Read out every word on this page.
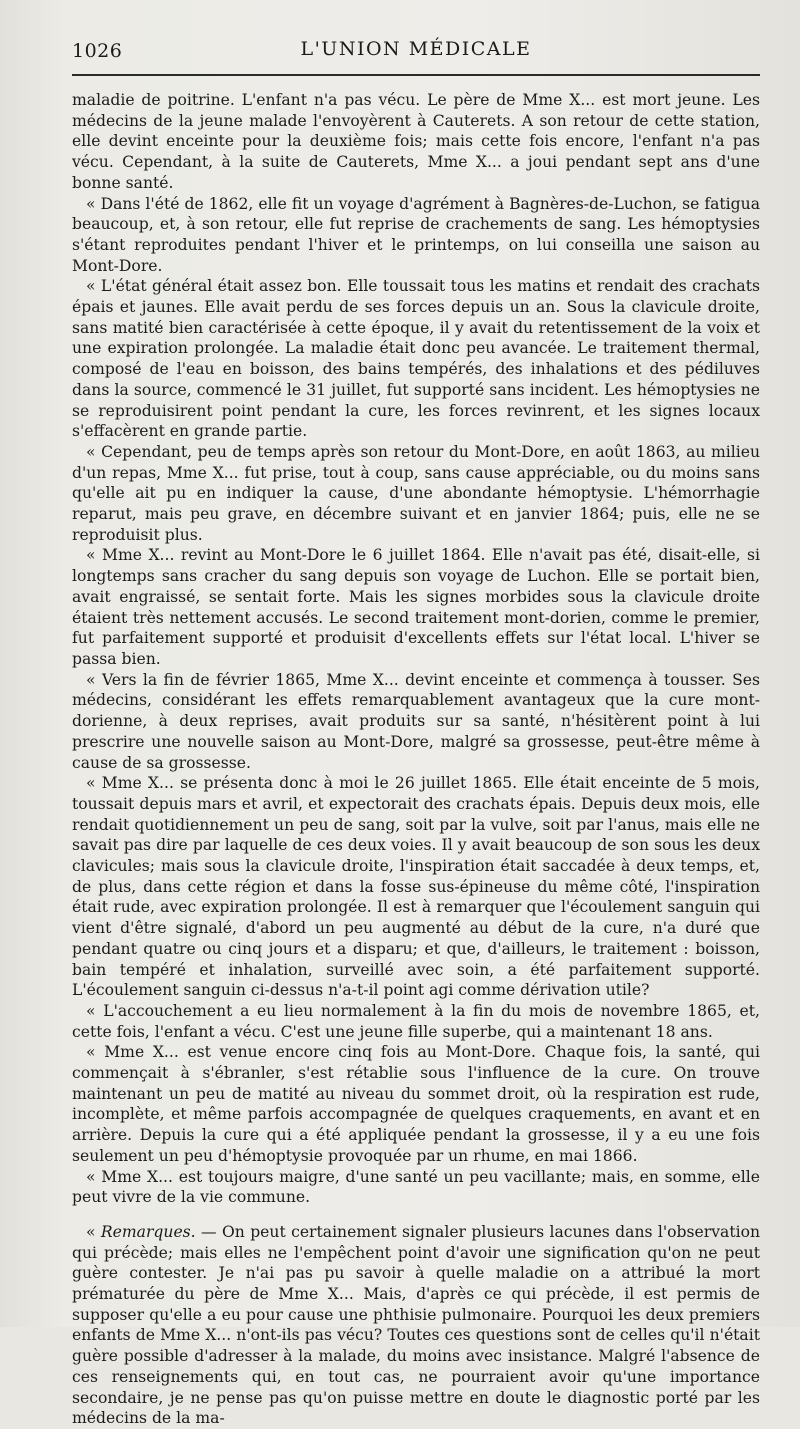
1026	L'UNION MÉDICALE

maladie de poitrine. L'enfant n'a pas vécu. Le père de Mme X... est mort jeune. Les médecins de la jeune malade l'envoyèrent à Cauterets. A son retour de cette station, elle devint enceinte pour la deuxième fois; mais cette fois encore, l'enfant n'a pas vécu. Cependant, à la suite de Cauterets, Mme X... a joui pendant sept ans d'une bonne santé.

« Dans l'été de 1862, elle fit un voyage d'agrément à Bagnères-de-Luchon, se fatigua beaucoup, et, à son retour, elle fut reprise de crachements de sang. Les hémoptysies s'étant reproduites pendant l'hiver et le printemps, on lui conseilla une saison au Mont-Dore.

« L'état général était assez bon. Elle toussait tous les matins et rendait des crachats épais et jaunes. Elle avait perdu de ses forces depuis un an. Sous la clavicule droite, sans matité bien caractérisée à cette époque, il y avait du retentissement de la voix et une expiration prolongée. La maladie était donc peu avancée. Le traitement thermal, composé de l'eau en boisson, des bains tempérés, des inhalations et des pédiluves dans la source, commencé le 31 juillet, fut supporté sans incident. Les hémoptysies ne se reproduisirent point pendant la cure, les forces revinrent, et les signes locaux s'effacèrent en grande partie.

« Cependant, peu de temps après son retour du Mont-Dore, en août 1863, au milieu d'un repas, Mme X... fut prise, tout à coup, sans cause appréciable, ou du moins sans qu'elle ait pu en indiquer la cause, d'une abondante hémoptysie. L'hémorrhagie reparut, mais peu grave, en décembre suivant et en janvier 1864; puis, elle ne se reproduisit plus.

« Mme X... revint au Mont-Dore le 6 juillet 1864. Elle n'avait pas été, disait-elle, si longtemps sans cracher du sang depuis son voyage de Luchon. Elle se portait bien, avait engraissé, se sentait forte. Mais les signes morbides sous la clavicule droite étaient très nettement accusés. Le second traitement mont-dorien, comme le premier, fut parfaitement supporté et produisit d'excellents effets sur l'état local. L'hiver se passa bien.

« Vers la fin de février 1865, Mme X... devint enceinte et commença à tousser. Ses médecins, considérant les effets remarquablement avantageux que la cure mont-dorienne, à deux reprises, avait produits sur sa santé, n'hésitèrent point à lui prescrire une nouvelle saison au Mont-Dore, malgré sa grossesse, peut-être même à cause de sa grossesse.

« Mme X... se présenta donc à moi le 26 juillet 1865. Elle était enceinte de 5 mois, toussait depuis mars et avril, et expectorait des crachats épais. Depuis deux mois, elle rendait quotidiennement un peu de sang, soit par la vulve, soit par l'anus, mais elle ne savait pas dire par laquelle de ces deux voies. Il y avait beaucoup de son sous les deux clavicules; mais sous la clavicule droite, l'inspiration était saccadée à deux temps, et, de plus, dans cette région et dans la fosse sus-épineuse du même côté, l'inspiration était rude, avec expiration prolongée. Il est à remarquer que l'écoulement sanguin qui vient d'être signalé, d'abord un peu augmenté au début de la cure, n'a duré que pendant quatre ou cinq jours et a disparu; et que, d'ailleurs, le traitement : boisson, bain tempéré et inhalation, surveillé avec soin, a été parfaitement supporté. L'écoulement sanguin ci-dessus n'a-t-il point agi comme dérivation utile?

« L'accouchement a eu lieu normalement à la fin du mois de novembre 1865, et, cette fois, l'enfant a vécu. C'est une jeune fille superbe, qui a maintenant 18 ans.

« Mme X... est venue encore cinq fois au Mont-Dore. Chaque fois, la santé, qui commençait à s'ébranler, s'est rétablie sous l'influence de la cure. On trouve maintenant un peu de matité au niveau du sommet droit, où la respiration est rude, incomplète, et même parfois accompagnée de quelques craquements, en avant et en arrière. Depuis la cure qui a été appliquée pendant la grossesse, il y a eu une fois seulement un peu d'hémoptysie provoquée par un rhume, en mai 1866.

« Mme X... est toujours maigre, d'une santé un peu vacillante; mais, en somme, elle peut vivre de la vie commune.

« Remarques. — On peut certainement signaler plusieurs lacunes dans l'observation qui précède; mais elles ne l'empêchent point d'avoir une signification qu'on ne peut guère contester. Je n'ai pas pu savoir à quelle maladie on a attribué la mort prématurée du père de Mme X... Mais, d'après ce qui précède, il est permis de supposer qu'elle a eu pour cause une phthisie pulmonaire. Pourquoi les deux premiers enfants de Mme X... n'ont-ils pas vécu? Toutes ces questions sont de celles qu'il n'était guère possible d'adresser à la malade, du moins avec insistance. Malgré l'absence de ces renseignements qui, en tout cas, ne pourraient avoir qu'une importance secondaire, je ne pense pas qu'on puisse mettre en doute le diagnostic porté par les médecins de la ma-
